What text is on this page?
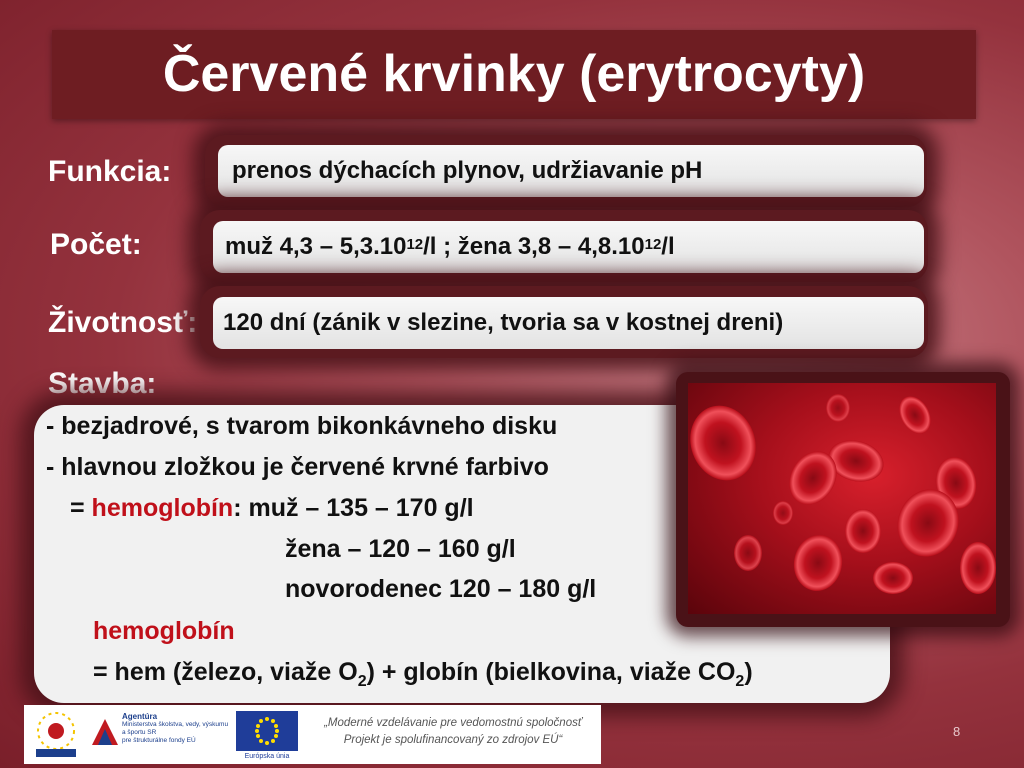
Červené krvinky (erytrocyty)
Funkcia:	prenos dýchacích plynov, udržiavanie pH
Počet:	muž 4,3 – 5,3.10$^{12}$ /l ; žena 3,8 – 4,8.10$^{12}$ /l
Životnosť: 120 dní (zánik v slezine, tvoria sa v kostnej dreni)
Stavba:
- bezjadrové, s tvarom bikonkávneho disku
- hlavnou zložkou je červené krvné farbivo
= hemoglobín: muž – 135 – 170 g/l
žena – 120 – 160 g/l
novorodenec 120 – 180 g/l
hemoglobín
= hem (železo, viaže $O_2$) + globín (bielkovina, viaže $CO_2$)
Agentúra
Ministerstva školstva, vedy, výskumu a športu SR
pre štrukturálne fondy EÚ
Európska únia
„Moderné vzdelávanie pre vedomostnú spoločnosť
Projekt je spolufinancovaný zo zdrojov EÚ“
8
